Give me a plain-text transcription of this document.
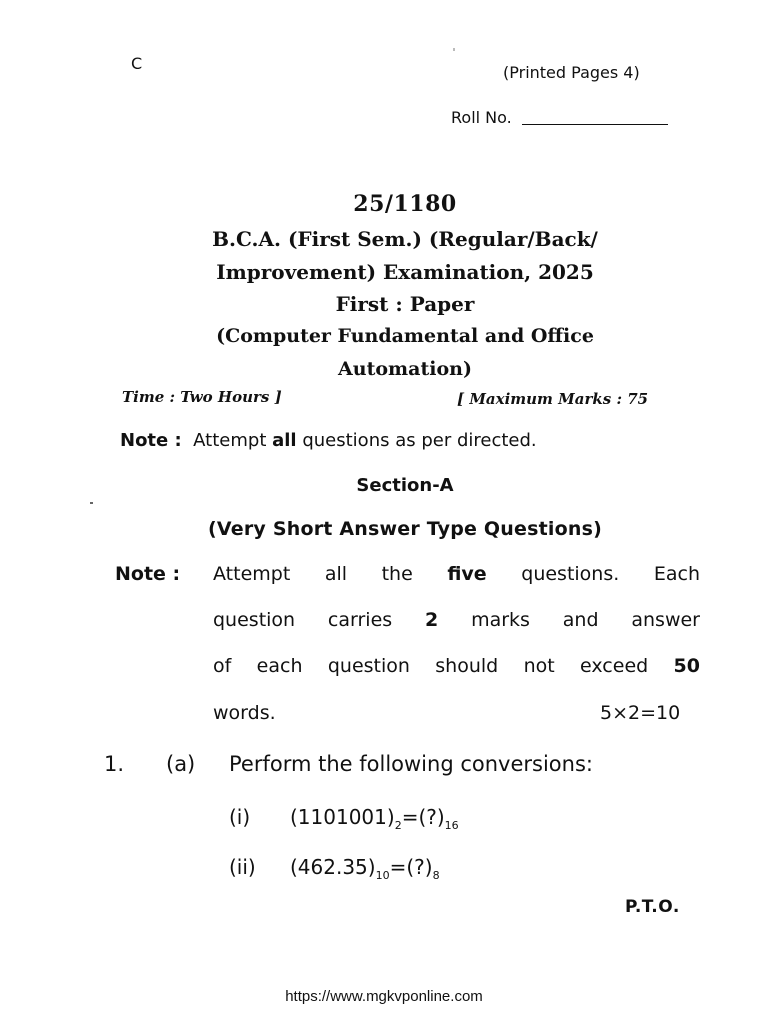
C	(Printed Pages 4)
Roll No.
25/1180
B.C.A. (First Sem.) (Regular/Back/
Improvement) Examination, 2025
First : Paper
(Computer Fundamental and Office
Automation)
Time : Two Hours ]	[ Maximum Marks : 75
Note : Attempt all questions as per directed.
Section-A
(Very Short Answer Type Questions)
Note : Attempt all the five questions. Each
question carries 2 marks and answer
of each question should not exceed 50
words.	5×2=10
1. (a) Perform the following conversions:
(i) $(1101001)_2=(?)_{16}$
(ii) $(462.35)_{10}=(?)_8$
P.T.O.
https://www.mgkvponline.com
